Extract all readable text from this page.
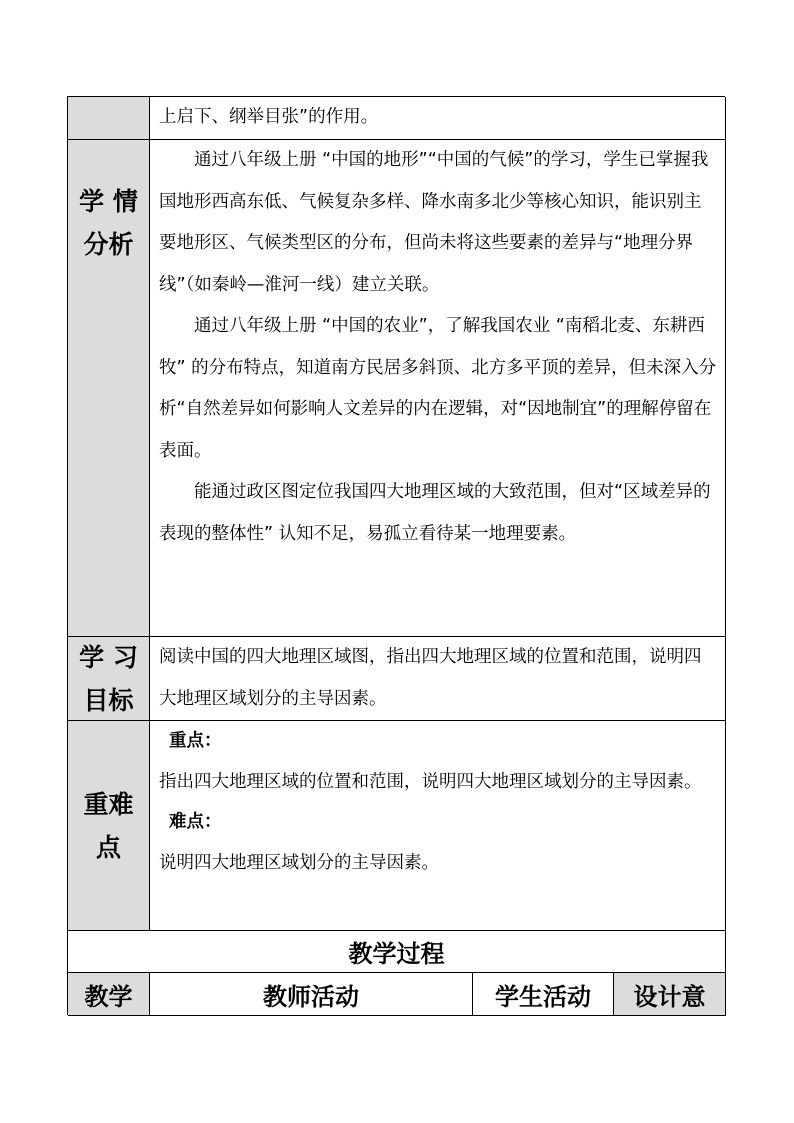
上启下、纲举目张”的作用。

学 情
分析

通过八年级上册 “中国的地形”“中国的气候”的学习，学生已掌握我国地形西高东低、气候复杂多样、降水南多北少等核心知识，能识别主要地形区、气候类型区的分布，但尚未将这些要素的差异与“地理分界线”（如秦岭—淮河一线）建立关联。

通过八年级上册 “中国的农业”，了解我国农业 “南稻北麦、东耕西牧” 的分布特点，知道南方民居多斜顶、北方多平顶的差异，但未深入分析“自然差异如何影响人文差异的内在逻辑，对“因地制宜”的理解停留在表面。

能通过政区图定位我国四大地理区域的大致范围，但对“区域差异的表现的整体性” 认知不足，易孤立看待某一地理要素。

学 习
目标

阅读中国的四大地理区域图，指出四大地理区域的位置和范围，说明四大地理区域划分的主导因素。

重难
点

重点：

指出四大地理区域的位置和范围，说明四大地理区域划分的主导因素。

难点：

说明四大地理区域划分的主导因素。

教学过程
教学	教师活动	学生活动 设计意
